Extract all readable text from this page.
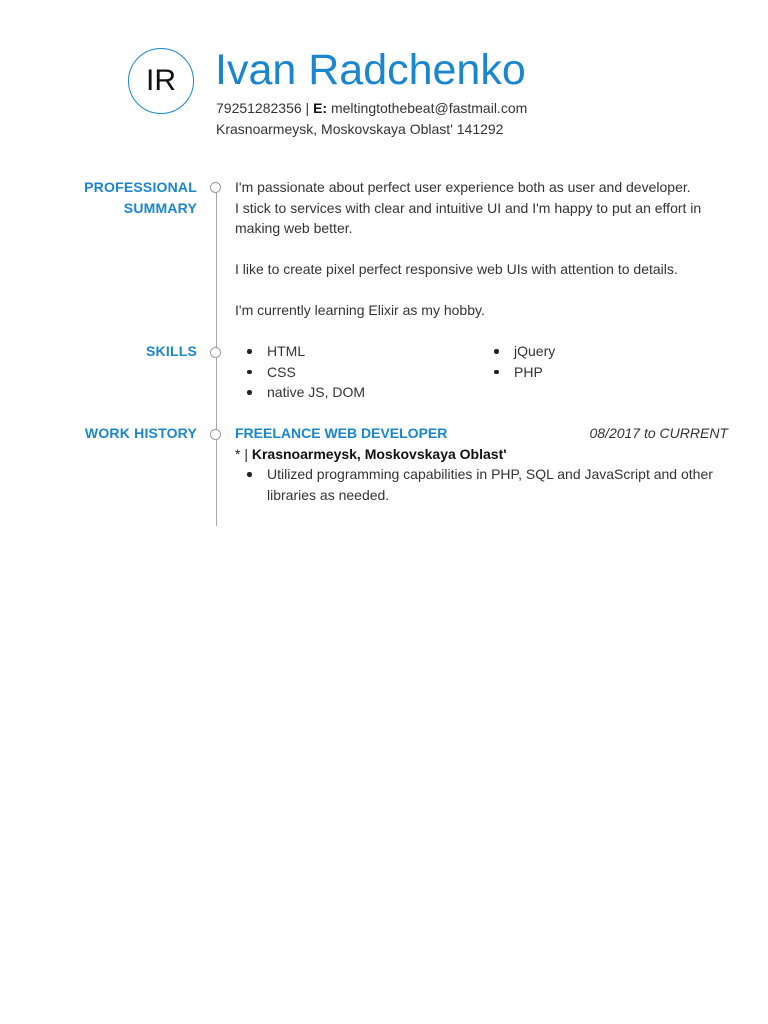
IR Ivan Radchenko
79251282356 | E: meltingtothebeat@fastmail.com
Krasnoarmeysk, Moskovskaya Oblast' 141292
PROFESSIONAL
SUMMARY

I'm passionate about perfect user experience both as user and developer.

I stick to services with clear and intuitive UI and I'm happy to put an effort in making web better.

I like to create pixel perfect responsive web UIs with attention to details.

I'm currently learning Elixir as my hobby.

SKILLS	HTML
CSS
native JS, DOM
jQuery
PHP
WORK HISTORY	FREELANCE WEB DEVELOPER	08/2017 to CURRENT
* | Krasnoarmeysk, Moskovskaya Oblast'
Utilized programming capabilities in PHP, SQL and JavaScript and other libraries as needed.
